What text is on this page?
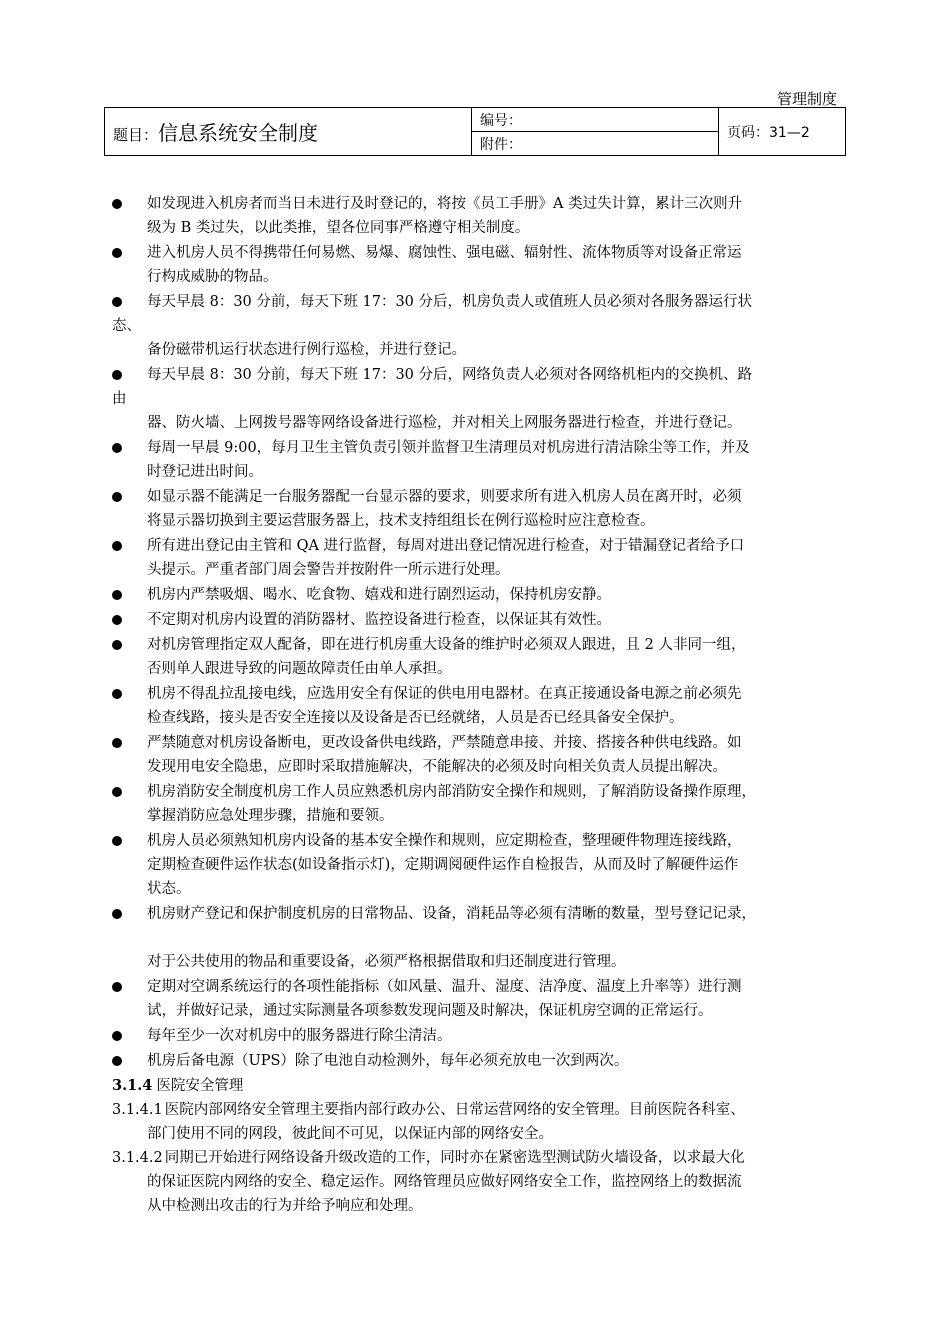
管理制度
题目：信息系统安全制度	编号：	页码：31—2
附件：
如发现进入机房者而当日未进行及时登记的，将按《员工手册》A 类过失计算，累计三次则升
级为 B 类过失，以此类推，望各位同事严格遵守相关制度。
进入机房人员不得携带任何易燃、易爆、腐蚀性、强电磁、辐射性、流体物质等对设备正常运
行构成威胁的物品。
每天早晨 8：30 分前，每天下班 17：30 分后，机房负责人或值班人员必须对各服务器运行状
态、
备份磁带机运行状态进行例行巡检，并进行登记。
每天早晨 8：30 分前，每天下班 17：30 分后，网络负责人必须对各网络机柜内的交换机、路
由
器、防火墙、上网拨号器等网络设备进行巡检，并对相关上网服务器进行检查，并进行登记。
每周一早晨 9:00，每月卫生主管负责引领并监督卫生清理员对机房进行清洁除尘等工作，并及
时登记进出时间。
如显示器不能满足一台服务器配一台显示器的要求，则要求所有进入机房人员在离开时，必须
将显示器切换到主要运营服务器上，技术支持组组长在例行巡检时应注意检查。
所有进出登记由主管和 QA 进行监督，每周对进出登记情况进行检查，对于错漏登记者给予口
头提示。严重者部门周会警告并按附件一所示进行处理。
机房内严禁吸烟、喝水、吃食物、嬉戏和进行剧烈运动，保持机房安静。
不定期对机房内设置的消防器材、监控设备进行检查，以保证其有效性。
对机房管理指定双人配备，即在进行机房重大设备的维护时必须双人跟进，且 2 人非同一组，
否则单人跟进导致的问题故障责任由单人承担。
机房不得乱拉乱接电线，应选用安全有保证的供电用电器材。在真正接通设备电源之前必须先
检查线路，接头是否安全连接以及设备是否已经就绪，人员是否已经具备安全保护。
严禁随意对机房设备断电，更改设备供电线路，严禁随意串接、并接、搭接各种供电线路。如
发现用电安全隐患，应即时采取措施解决，不能解决的必须及时向相关负责人员提出解决。
机房消防安全制度机房工作人员应熟悉机房内部消防安全操作和规则，了解消防设备操作原理，
掌握消防应急处理步骤，措施和要领。
机房人员必须熟知机房内设备的基本安全操作和规则，应定期检查，整理硬件物理连接线路，
定期检查硬件运作状态(如设备指示灯)，定期调阅硬件运作自检报告，从而及时了解硬件运作
状态。
机房财产登记和保护制度机房的日常物品、设备，消耗品等必须有清晰的数量，型号登记记录，
对于公共使用的物品和重要设备，必须严格根据借取和归还制度进行管理。
定期对空调系统运行的各项性能指标（如风量、温升、湿度、洁净度、温度上升率等）进行测
试，并做好记录，通过实际测量各项参数发现问题及时解决，保证机房空调的正常运行。
每年至少一次对机房中的服务器进行除尘清洁。
机房后备电源（UPS）除了电池自动检测外，每年必须充放电一次到两次。
3.1.4 医院安全管理
3.1.4.1 医院内部网络安全管理主要指内部行政办公、日常运营网络的安全管理。目前医院各科室、
部门使用不同的网段，彼此间不可见，以保证内部的网络安全。
3.1.4.2 同期已开始进行网络设备升级改造的工作，同时亦在紧密选型测试防火墙设备，以求最大化
的保证医院内网络的安全、稳定运作。网络管理员应做好网络安全工作，监控网络上的数据流
从中检测出攻击的行为并给予响应和处理。
